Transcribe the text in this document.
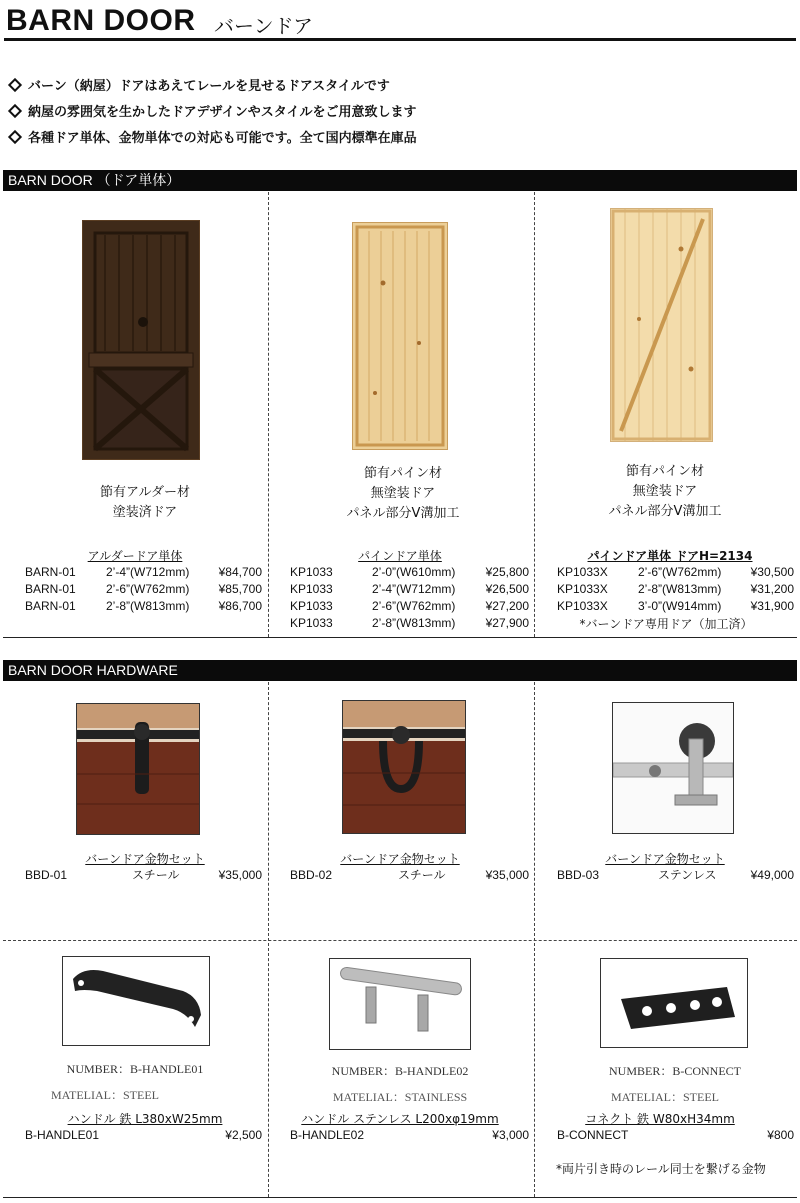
BARN DOOR バーンドア
バーン（納屋）ドアはあえてレールを見せるドアスタイルです
納屋の雰囲気を生かしたドアデザインやスタイルをご用意致します
各種ドア単体、金物単体での対応も可能です。全て国内標準在庫品
BARN DOOR （ドア単体）
節有アルダー材
塗装済ドア
節有パイン材
無塗装ドア
パネル部分V溝加工
節有パイン材
無塗装ドア
パネル部分V溝加工
アルダードア単体	パインドア単体	パインドア単体 ドアH=2134
BARN-01	2’-4”(W712mm) ¥84,700
BARN-01	2’-6”(W762mm) ¥85,700
BARN-01	2’-8”(W813mm) ¥86,700
KP1033	2’-0”(W610mm)	¥25,800
KP1033	2’-4”(W712mm)	¥26,500
KP1033	2’-6”(W762mm)	¥27,200
KP1033	2’-8”(W813mm)	¥27,900
KP1033X	2’-6”(W762mm) ¥30,500
KP1033X	2’-8”(W813mm) ¥31,200
KP1033X	3’-0”(W914mm) ¥31,900
*バーンドア専用ドア（加工済）
BARN DOOR HARDWARE
バーンドア金物セット	バーンドア金物セット	バーンドア金物セット
BBD-01	スチール	¥35,000 BBD-02	スチール	¥35,000 BBD-03	ステンレス	¥49,000
NUMBER：B-HANDLE01
MATELIAL：STEEL
ハンドル 鉄 L380xW25mm
B-HANDLE01	¥2,500
NUMBER：B-HANDLE02
MATELIAL：STAINLESS
ハンドル ステンレス L200xφ19mm
B-HANDLE02	¥3,000
NUMBER：B-CONNECT
MATELIAL：STEEL
コネクト 鉄 W80xH34mm
B-CONNECT	¥800
*両片引き時のレール同士を繋げる金物
